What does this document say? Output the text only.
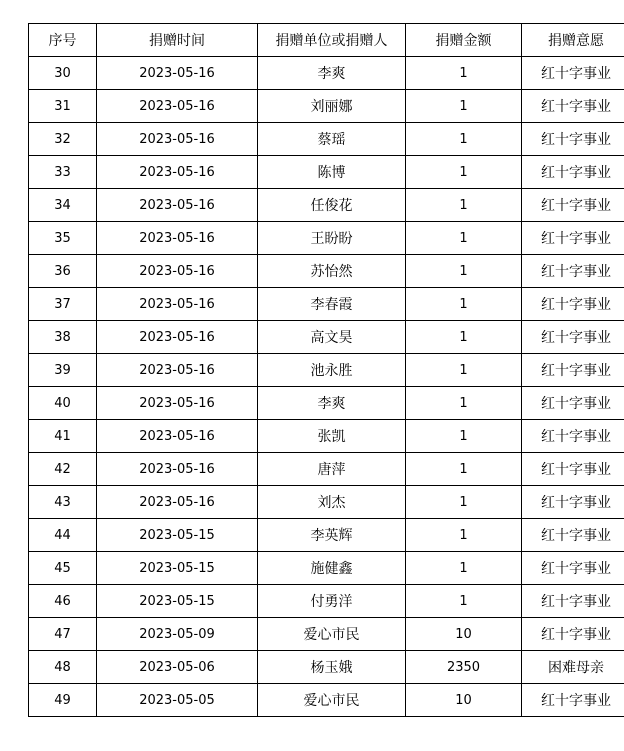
序号	捐赠时间	捐赠单位或捐赠人	捐赠金额	捐赠意愿
30	2023-05-16	李爽	1	红十字事业
31	2023-05-16	刘丽娜	1	红十字事业
32	2023-05-16	蔡瑶	1	红十字事业
33	2023-05-16	陈博	1	红十字事业
34	2023-05-16	任俊花	1	红十字事业
35	2023-05-16	王盼盼	1	红十字事业
36	2023-05-16	苏怡然	1	红十字事业
37	2023-05-16	李春霞	1	红十字事业
38	2023-05-16	高文昊	1	红十字事业
39	2023-05-16	池永胜	1	红十字事业
40	2023-05-16	李爽	1	红十字事业
41	2023-05-16	张凯	1	红十字事业
42	2023-05-16	唐萍	1	红十字事业
43	2023-05-16	刘杰	1	红十字事业
44	2023-05-15	李英辉	1	红十字事业
45	2023-05-15	施健鑫	1	红十字事业
46	2023-05-15	付勇洋	1	红十字事业
47	2023-05-09	爱心市民	10	红十字事业
48	2023-05-06	杨玉娥	2350	困难母亲
49	2023-05-05	爱心市民	10	红十字事业
